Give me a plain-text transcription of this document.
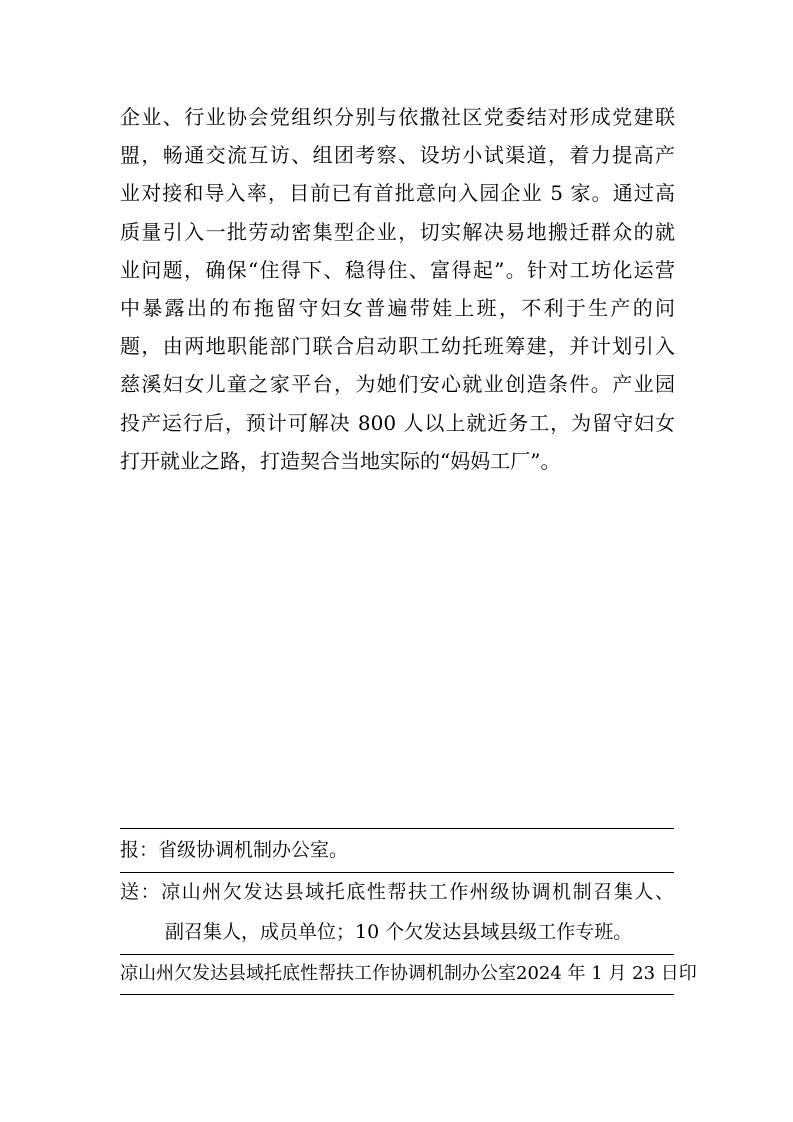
企业、行业协会党组织分别与依撒社区党委结对形成党建联
盟，畅通交流互访、组团考察、设坊小试渠道，着力提高产
业对接和导入率，目前已有首批意向入园企业 5 家。通过高
质量引入一批劳动密集型企业，切实解决易地搬迁群众的就
业问题，确保“住得下、稳得住、富得起”。针对工坊化运营
中暴露出的布拖留守妇女普遍带娃上班，不利于生产的问
题，由两地职能部门联合启动职工幼托班筹建，并计划引入
慈溪妇女儿童之家平台，为她们安心就业创造条件。产业园
投产运行后，预计可解决 800 人以上就近务工，为留守妇女
打开就业之路，打造契合当地实际的“妈妈工厂”。
报：省级协调机制办公室。
送：凉山州欠发达县域托底性帮扶工作州级协调机制召集人、
副召集人，成员单位；10 个欠发达县域县级工作专班。
凉山州欠发达县域托底性帮扶工作协调机制办公室 2024 年 1 月 23 日印
